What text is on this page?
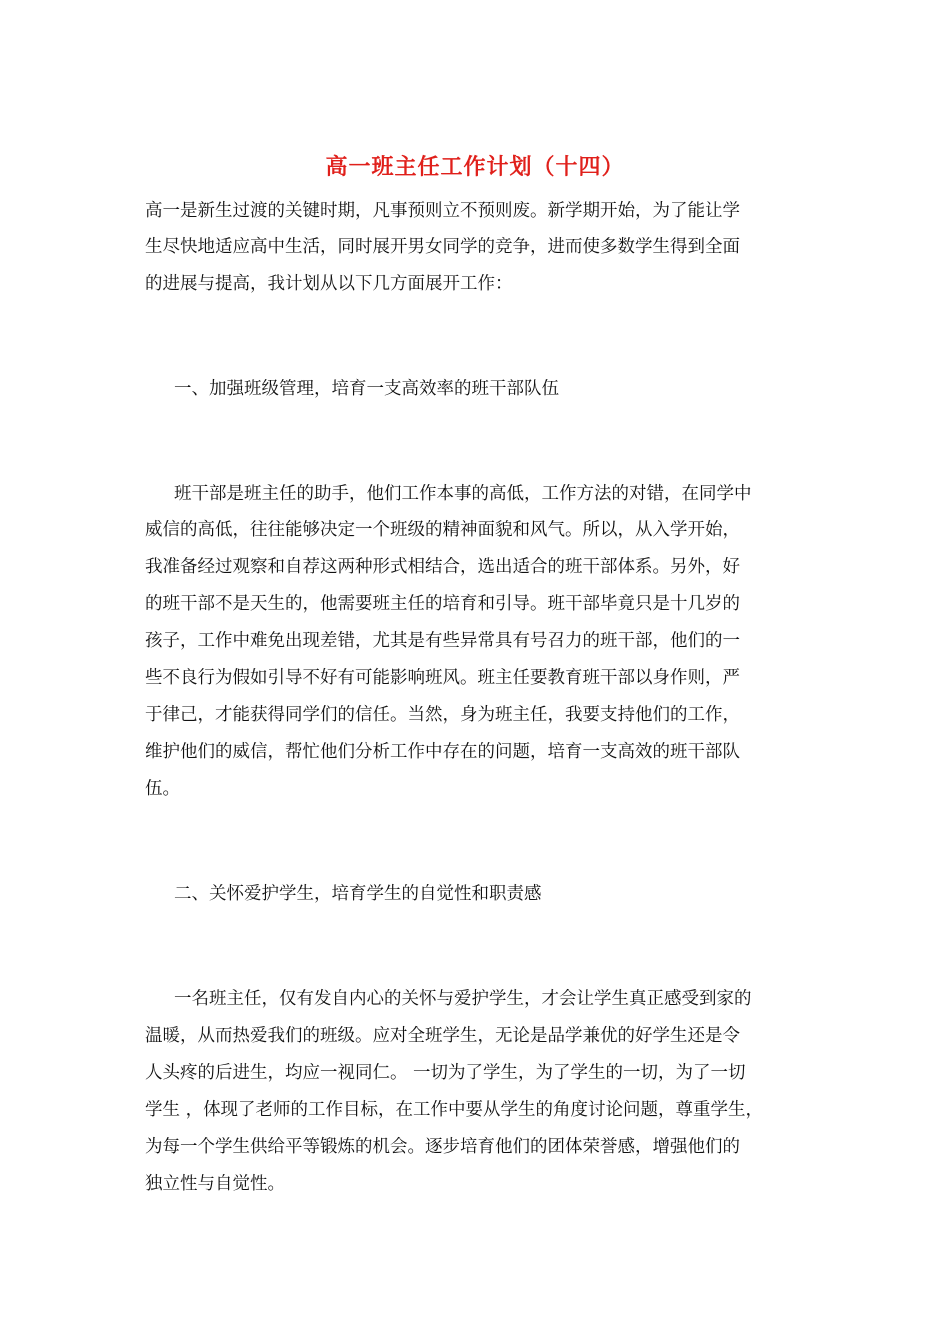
高一班主任工作计划（十四）
高一是新生过渡的关键时期，凡事预则立不预则废。新学期开始，为了能让学
生尽快地适应高中生活，同时展开男女同学的竞争，进而使多数学生得到全面
的进展与提高，我计划从以下几方面展开工作：
一、加强班级管理，培育一支高效率的班干部队伍
班干部是班主任的助手，他们工作本事的高低，工作方法的对错，在同学中
威信的高低，往往能够决定一个班级的精神面貌和风气。所以，从入学开始，
我准备经过观察和自荐这两种形式相结合，选出适合的班干部体系。另外，好
的班干部不是天生的，他需要班主任的培育和引导。班干部毕竟只是十几岁的
孩子，工作中难免出现差错，尤其是有些异常具有号召力的班干部，他们的一
些不良行为假如引导不好有可能影响班风。班主任要教育班干部以身作则，严
于律己，才能获得同学们的信任。当然，身为班主任，我要支持他们的工作，
维护他们的威信，帮忙他们分析工作中存在的问题，培育一支高效的班干部队
伍。
二、关怀爱护学生，培育学生的自觉性和职责感
一名班主任，仅有发自内心的关怀与爱护学生，才会让学生真正感受到家的
温暖，从而热爱我们的班级。应对全班学生，无论是品学兼优的好学生还是令
人头疼的后进生，均应一视同仁。 一切为了学生，为了学生的一切，为了一切
学生 ，体现了老师的工作目标，在工作中要从学生的角度讨论问题，尊重学生，
为每一个学生供给平等锻炼的机会。逐步培育他们的团体荣誉感，增强他们的
独立性与自觉性。
